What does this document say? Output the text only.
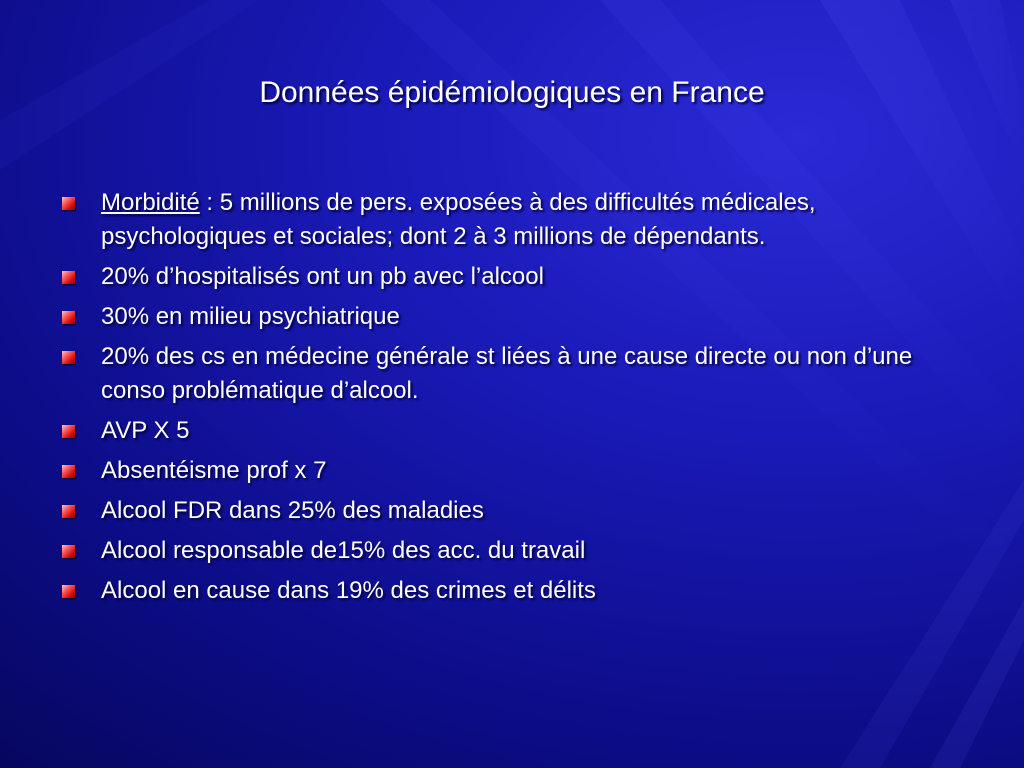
Données épidémiologiques en France
Morbidité : 5 millions de pers. exposées à des difficultés médicales, psychologiques et sociales; dont 2 à 3 millions de dépendants.
20% d’hospitalisés ont un pb avec l’alcool
30% en milieu psychiatrique
20% des cs en médecine générale st liées à une cause directe ou non d’une conso problématique d’alcool.
AVP X 5
Absentéisme prof x 7
Alcool FDR dans 25% des maladies
Alcool responsable de15% des acc. du travail
Alcool en cause dans 19% des crimes et délits
